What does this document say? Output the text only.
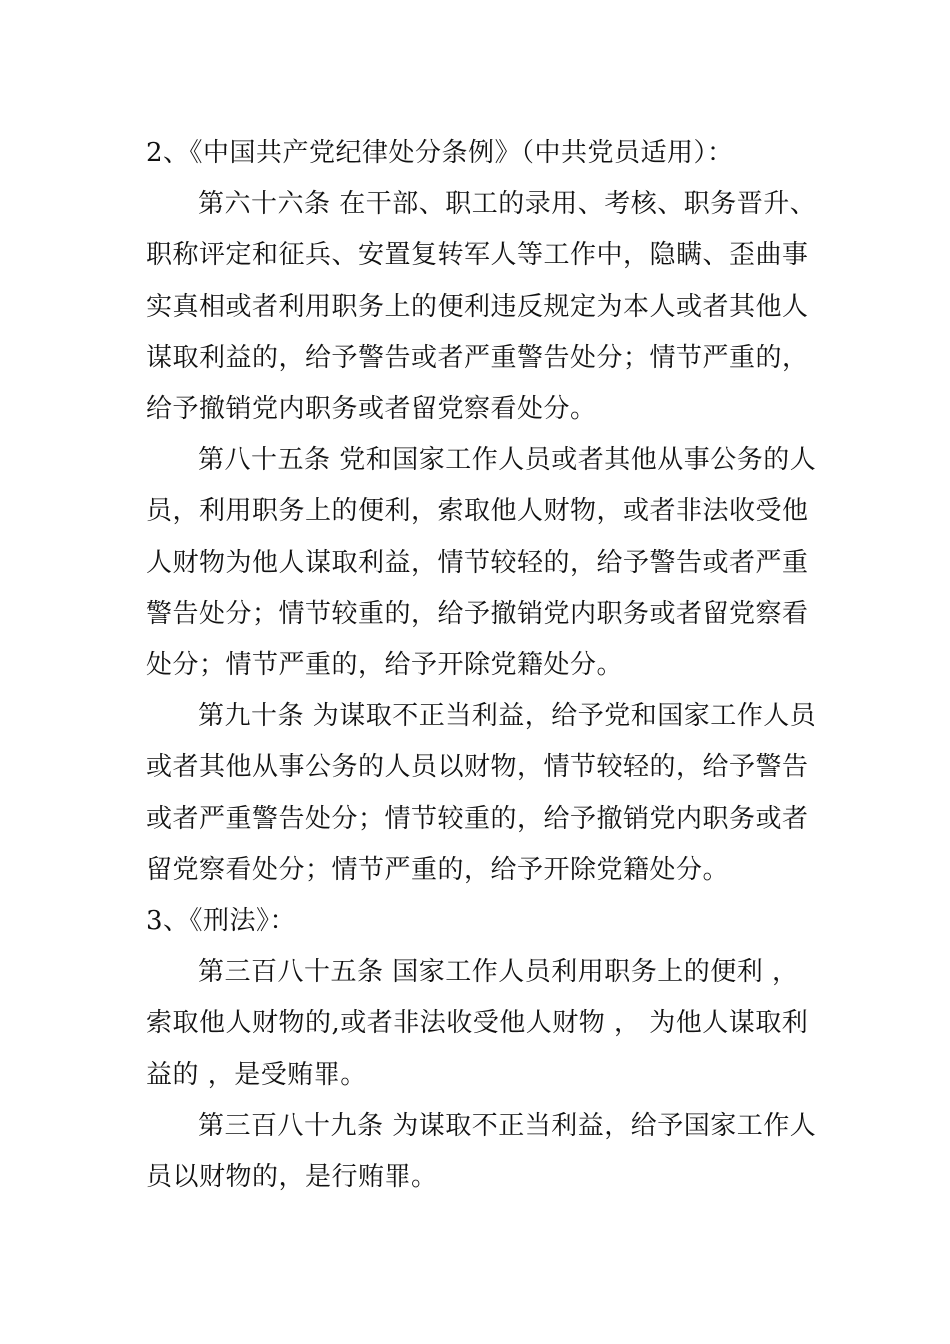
2、《中国共产党纪律处分条例》（中共党员适用）：

第六十六条 在干部、职工的录用、考核、职务晋升、

职称评定和征兵、安置复转军人等工作中，隐瞒、歪曲事

实真相或者利用职务上的便利违反规定为本人或者其他人

谋取利益的，给予警告或者严重警告处分；情节严重的，

给予撤销党内职务或者留党察看处分。

第八十五条 党和国家工作人员或者其他从事公务的人

员，利用职务上的便利，索取他人财物，或者非法收受他

人财物为他人谋取利益，情节较轻的，给予警告或者严重

警告处分；情节较重的，给予撤销党内职务或者留党察看

处分；情节严重的，给予开除党籍处分。

第九十条 为谋取不正当利益，给予党和国家工作人员

或者其他从事公务的人员以财物，情节较轻的，给予警告

或者严重警告处分；情节较重的，给予撤销党内职务或者

留党察看处分；情节严重的，给予开除党籍处分。

3、《刑法》：

第三百八十五条 国家工作人员利用职务上的便利 ，

索取他人财物的,或者非法收受他人财物 ， 为他人谋取利

益的 ，是受贿罪。

第三百八十九条 为谋取不正当利益，给予国家工作人

员以财物的，是行贿罪。
